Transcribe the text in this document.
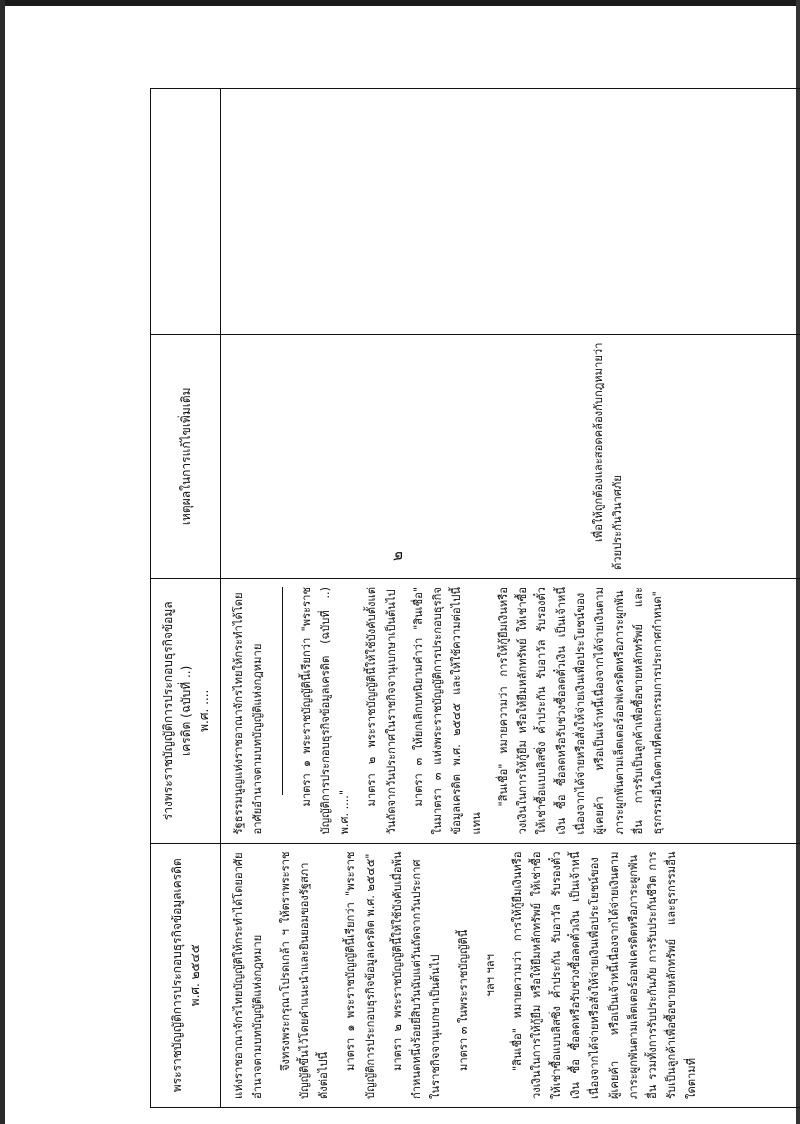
๒
พระราชบัญญัติการประกอบธุรกิจข้อมูลเครดิต พ.ศ. ๒๕๔๕
ร่างพระราชบัญญัติการประกอบธุรกิจข้อมูลเครดิต (ฉบับที่ ..) พ.ศ. ....
เหตุผลในการแก้ไขเพิ่มเติม

แห่งราชอาณาจักรไทยบัญญัติให้กระทำได้โดยอาศัยอำนาจตามบทบัญญัติแห่งกฎหมาย จึงทรงพระกรุณาโปรดเกล้า ฯ ให้ตราพระราชบัญญัติขึ้นไว้โดยคำแนะนำและยินยอมของรัฐสภาดังต่อไปนี้

มาตรา ๑ พระราชบัญญัตินี้เรียกว่า "พระราชบัญญัติการประกอบธุรกิจข้อมูลเครดิต พ.ศ. ๒๕๔๕" มาตรา ๒ พระราชบัญญัตินี้ให้ใช้บังคับเมื่อพ้นกำหนดหนึ่งร้อยยี่สิบวันนับแต่วันถัดจากวันประกาศในราชกิจจานุเบกษาเป็นต้นไป มาตรา ๓ ในพระราชบัญญัตินี้ ฯลฯ ฯลฯ "สินเชื่อ" หมายความว่า การให้กู้ยืมเงินหรือวงเงินในการให้กู้ยืม หรือให้ยืมหลักทรัพย์ ให้เช่าซื้อ ให้เช่าซื้อแบบลิสซิ่ง ค้ำประกัน รับอาวัล รับรองตั๋วเงิน ซื้อ ซื้อลดหรือรับช่วงซื้อลดตั๋วเงิน เป็นเจ้าหนี้เนื่องจากได้จ่ายหรือสั่งให้จ่ายเงินเพื่อประโยชน์ของผู้เคยค้า หรือเป็นเจ้าหนี้เนื่องจากได้จ่ายเงินตามภาระผูกพันตามเล็ตเตอร์ออฟเครดิตหรือภาระผูกพันอื่น รวมทั้งการรับประกันภัย การรับประกันชีวิต การรับเป็นลูกค้าเพื่อซื้อขายหลักทรัพย์ และธุรกรรมอื่นใดตามที่

รัฐธรรมนูญแห่งราชอาณาจักรไทยให้กระทำได้โดยอาศัยอำนาจตามบทบัญญัติแห่งกฎหมาย	มาตรา ๑ พระราชบัญญัตินี้เรียกว่า "พระราชบัญญัติการประกอบธุรกิจข้อมูลเครดิต (ฉบับที่ ..) พ.ศ. ...."

มาตรา ๒ พระราชบัญญัตินี้ให้ใช้บังคับตั้งแต่วันถัดจากวันประกาศในราชกิจจานุเบกษาเป็นต้นไป มาตรา ๓ ให้ยกเลิกบทนิยามคำว่า "สินเชื่อ" ในมาตรา ๓ แห่งพระราชบัญญัติการประกอบธุรกิจข้อมูลเครดิต พ.ศ. ๒๕๔๕ และให้ใช้ความต่อไปนี้แทน

"สินเชื่อ" หมายความว่า การให้กู้ยืมเงินหรือวงเงินในการให้กู้ยืม หรือให้ยืมหลักทรัพย์ ให้เช่าซื้อ ให้เช่าซื้อแบบลิสซิ่ง ค้ำประกัน รับอาวัล รับรองตั๋วเงิน ซื้อ ซื้อลดหรือรับช่วงซื้อลดตั๋วเงิน เป็นเจ้าหนี้เนื่องจากได้จ่ายหรือสั่งให้จ่ายเงินเพื่อประโยชน์ของผู้เคยค้า หรือเป็นเจ้าหนี้เนื่องจากได้จ่ายเงินตามภาระผูกพันตามเล็ตเตอร์ออฟเครดิตหรือภาระผูกพันอื่น การรับเป็นลูกค้าเพื่อซื้อขายหลักทรัพย์ และธุรกรรมอื่นใดตามที่คณะกรรมการประกาศกำหนด"

เพื่อให้ถูกต้องและสอดคล้องกับกฎหมายว่าด้วยประกันวินาศภัย
